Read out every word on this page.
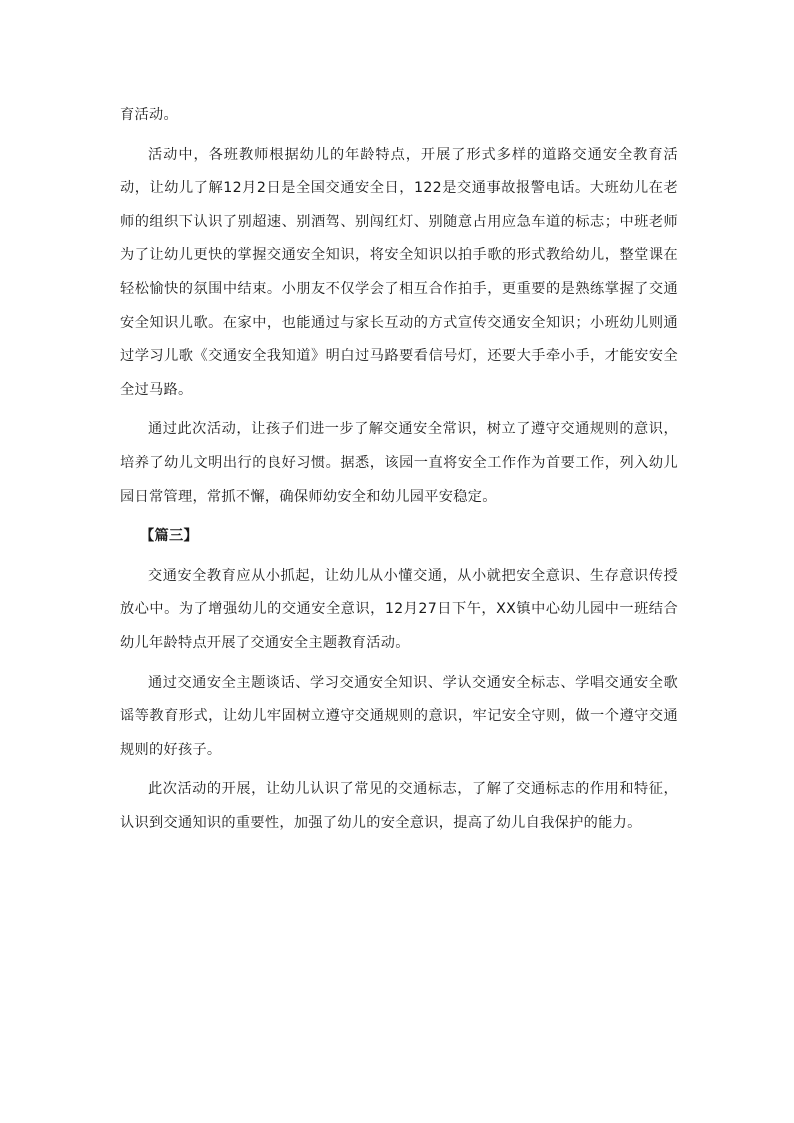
育活动。

活动中，各班教师根据幼儿的年龄特点，开展了形式多样的道路交通安全教育活动，让幼儿了解12月2日是全国交通安全日，122是交通事故报警电话。大班幼儿在老师的组织下认识了别超速、别酒驾、别闯红灯、别随意占用应急车道的标志；中班老师为了让幼儿更快的掌握交通安全知识，将安全知识以拍手歌的形式教给幼儿，整堂课在轻松愉快的氛围中结束。小朋友不仅学会了相互合作拍手，更重要的是熟练掌握了交通安全知识儿歌。在家中，也能通过与家长互动的方式宣传交通安全知识；小班幼儿则通过学习儿歌《交通安全我知道》明白过马路要看信号灯，还要大手牵小手，才能安安全全过马路。

通过此次活动，让孩子们进一步了解交通安全常识，树立了遵守交通规则的意识，培养了幼儿文明出行的良好习惯。据悉，该园一直将安全工作作为首要工作，列入幼儿园日常管理，常抓不懈，确保师幼安全和幼儿园平安稳定。

【篇三】

交通安全教育应从小抓起，让幼儿从小懂交通，从小就把安全意识、生存意识传授放心中。为了增强幼儿的交通安全意识，12月27日下午，XX镇中心幼儿园中一班结合幼儿年龄特点开展了交通安全主题教育活动。

通过交通安全主题谈话、学习交通安全知识、学认交通安全标志、学唱交通安全歌谣等教育形式，让幼儿牢固树立遵守交通规则的意识，牢记安全守则，做一个遵守交通规则的好孩子。

此次活动的开展，让幼儿认识了常见的交通标志，了解了交通标志的作用和特征，认识到交通知识的重要性，加强了幼儿的安全意识，提高了幼儿自我保护的能力。
